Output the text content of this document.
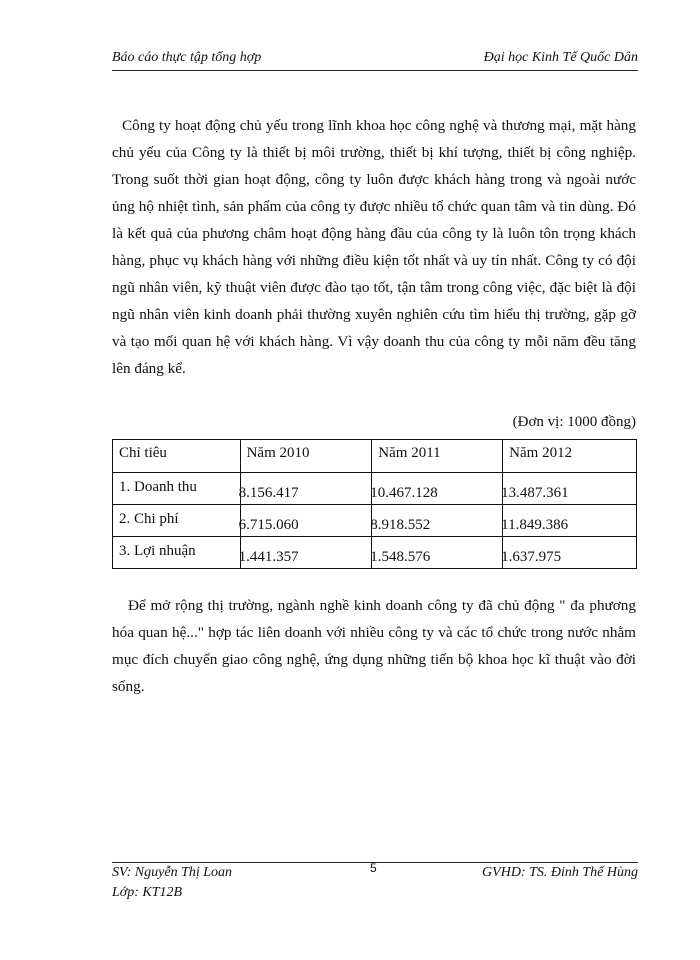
Báo cáo thực tập tổng hợp	Đại học Kinh Tế Quốc Dân
Công ty hoạt động chủ yếu trong lĩnh khoa học công nghệ và thương mại, mặt hàng chủ yếu của Công ty là thiết bị môi trường, thiết bị khí tượng, thiết bị công nghiệp. Trong suốt thời gian hoạt động, công ty luôn được khách hàng trong và ngoài nước ủng hộ nhiệt tình, sản phẩm của công ty được nhiều tổ chức quan tâm và tin dùng. Đó là kết quả của phương châm hoạt động hàng đầu của công ty là luôn tôn trọng khách hàng, phục vụ khách hàng với những điều kiện tốt nhất và uy tín nhất. Công ty có đội ngũ nhân viên, kỹ thuật viên được đào tạo tốt, tận tâm trong công việc, đặc biệt là đội ngũ nhân viên kinh doanh phải thường xuyên nghiên cứu tìm hiểu thị trường, gặp gỡ và tạo mối quan hệ với khách hàng. Vì vậy doanh thu của công ty mỗi năm đều tăng lên đáng kể.
(Đơn vị: 1000 đồng)
Chỉ tiêu	Năm 2010	Năm 2011	Năm 2012

1. Doanh thu	8.156.417	10.467.128	13.487.361

2. Chi phí	6.715.060	8.918.552	11.849.386

3. Lợi nhuận	1.441.357	1.548.576	1.637.975
Để mở rộng thị trường, ngành nghề kinh doanh công ty đã chủ động " đa phương hóa quan hệ..." hợp tác liên doanh với nhiều công ty và các tổ chức trong nước nhằm mục đích chuyển giao công nghệ, ứng dụng những tiến bộ khoa học kĩ thuật vào đời sống.
SV: Nguyễn Thị Loan
Lớp: KT12B
5	GVHD: TS. Đinh Thế Hùng
